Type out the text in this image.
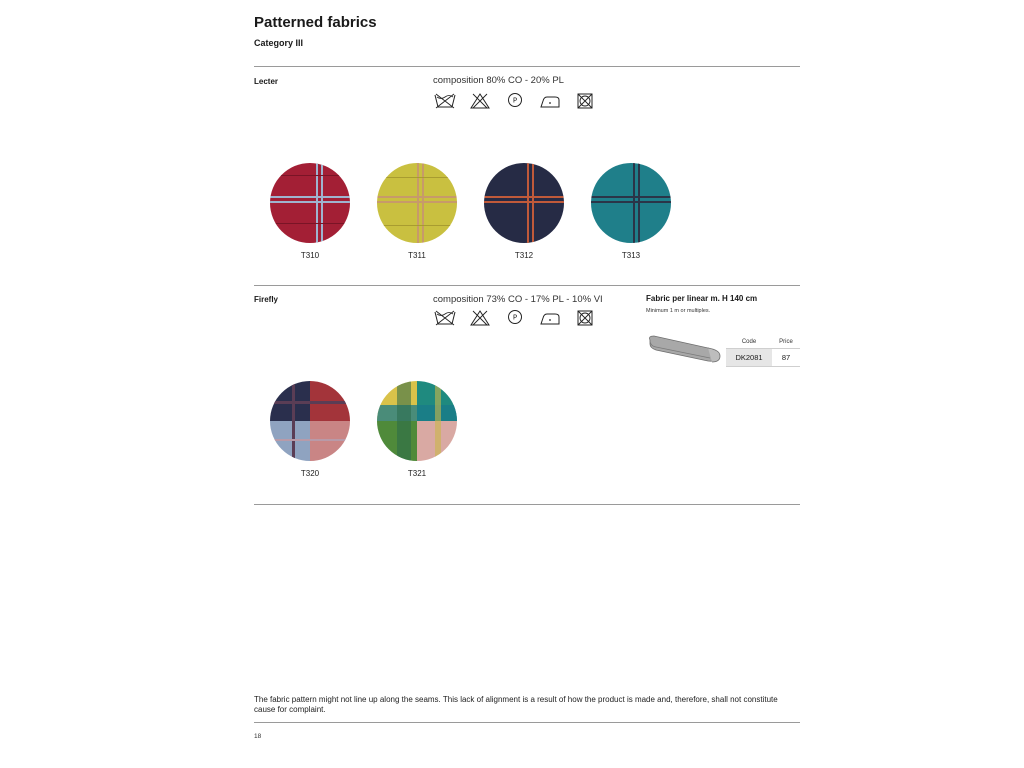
Patterned fabrics
Category III
Lecter	composition 80% CO - 20% PL
P
T310	T311	T312	T313
Firefly	composition 73% CO - 17% PL - 10% VI
P
T320	T321
Fabric per linear m. H 140 cm
Minimum 1 m or multiples.
Code	Price
DK2081	87
The fabric pattern might not line up along the seams. This lack of alignment is a result of how the product is made and, therefore, shall not constitute cause for complaint.
18
